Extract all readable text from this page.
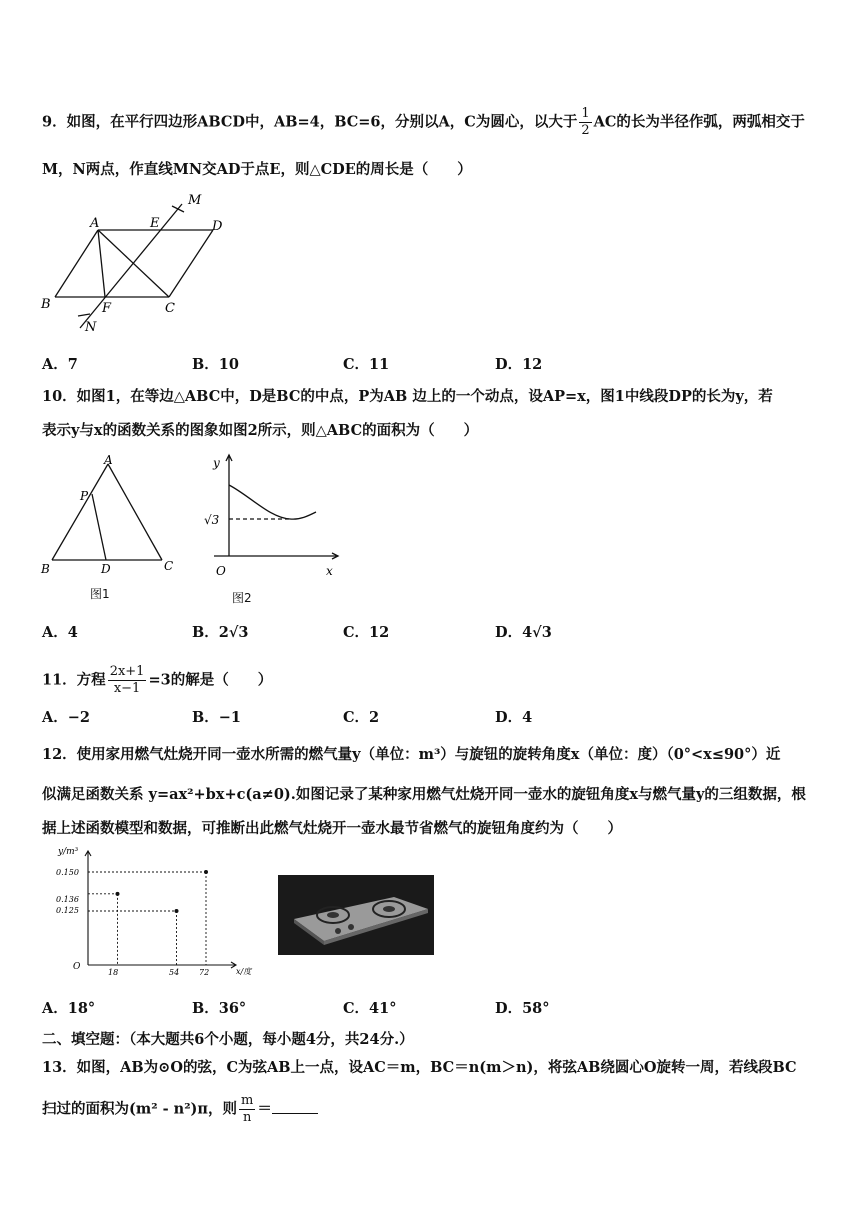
9．如图，在平行四边形ABCD中，AB=4，BC=6，分别以A，C为圆心，以大于 $\frac{1}{2}$ AC的长为半径作弧，两弧相交于
M，N两点，作直线MN交AD于点E，则△CDE的周长是（　　）
A	E	D
M
B	F	C
N
A．7	B．10	C．11	D．12
10．如图1，在等边△ABC中，D是BC的中点，P为AB 边上的一个动点，设AP=x，图1中线段DP的长为y，若
表示y与x的函数关系的图象如图2所示，则△ABC的面积为（　　）
A
P
B	D	C
图1
y
√3
O	x
图2
A．4	B．2√3	C．12	D．4√3
11．方程 $\frac{2x+1}{x-1} =3$的解是（　　）
A．−2	B．−1	C．2	D．4
12．使用家用燃气灶烧开同一壶水所需的燃气量y（单位：m³）与旋钮的旋转角度x（单位：度）（0°<x≤90°）近
似满足函数关系 y=ax²+bx+c(a≠0).如图记录了某种家用燃气灶烧开同一壶水的旋钮角度x与燃气量y的三组数据，根
据上述函数模型和数据，可推断出此燃气灶烧开一壶水最节省燃气的旋钮角度约为（　　）
y/m³
0.150
0.136
0.125
O
18	54 72	x/度
A．18°	B．36°	C．41°	D．58°
二、填空题：（本大题共6个小题，每小题4分，共24分.）
13．如图，AB为⊙O的弦，C为弦AB上一点，设AC＝m，BC＝n(m＞n)，将弦AB绕圆心O旋转一周，若线段BC
扫过的面积为(m² - n²)π，则 $\frac{m}{n}$ ＝
